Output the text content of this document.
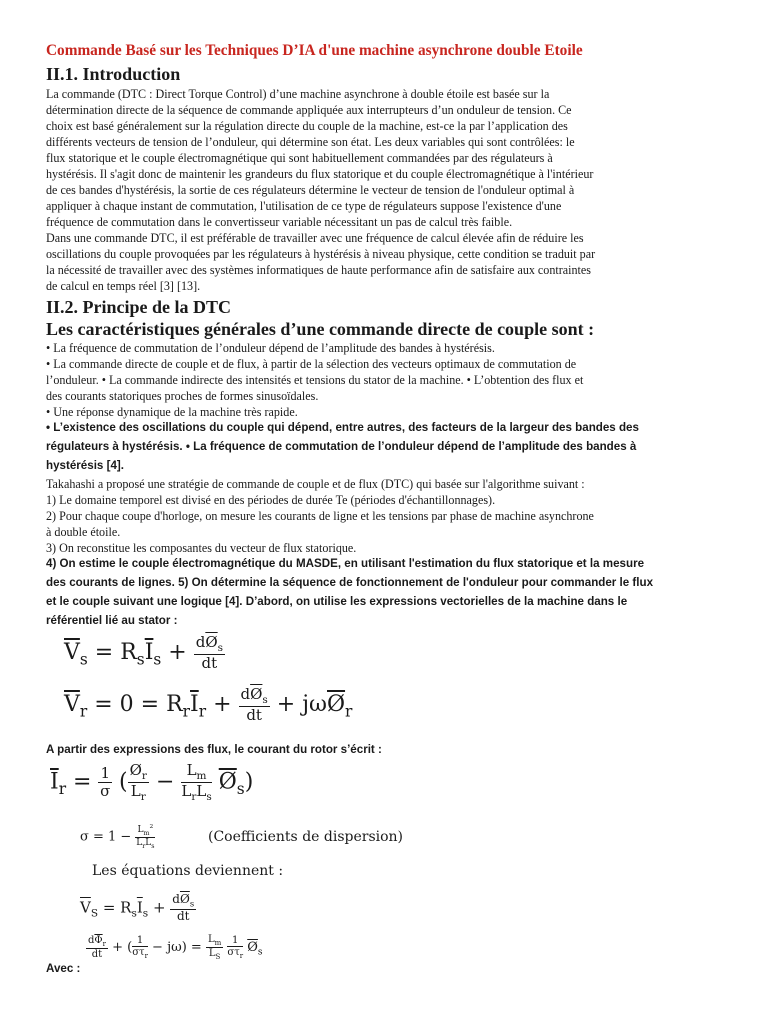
Commande Basé sur les Techniques D’IA d'une machine asynchrone double Etoile
II.1. Introduction
La commande (DTC : Direct Torque Control) d’une machine asynchrone à double étoile est basée sur la
détermination directe de la séquence de commande appliquée aux interrupteurs d’un onduleur de tension. Ce
choix est basé généralement sur la régulation directe du couple de la machine, est-ce la par l’application des
différents vecteurs de tension de l’onduleur, qui détermine son état. Les deux variables qui sont contrôlées: le
flux statorique et le couple électromagnétique qui sont habituellement commandées par des régulateurs à
hystérésis. Il s'agit donc de maintenir les grandeurs du flux statorique et du couple électromagnétique à l'intérieur
de ces bandes d'hystérésis, la sortie de ces régulateurs détermine le vecteur de tension de l'onduleur optimal à
appliquer à chaque instant de commutation, l'utilisation de ce type de régulateurs suppose l'existence d'une
fréquence de commutation dans le convertisseur variable nécessitant un pas de calcul très faible.
Dans une commande DTC, il est préférable de travailler avec une fréquence de calcul élevée afin de réduire les
oscillations du couple provoquées par les régulateurs à hystérésis à niveau physique, cette condition se traduit par
la nécessité de travailler avec des systèmes informatiques de haute performance afin de satisfaire aux contraintes
de calcul en temps réel [3] [13].
II.2. Principe de la DTC
Les caractéristiques générales d’une commande directe de couple sont :
• La fréquence de commutation de l’onduleur dépend de l’amplitude des bandes à hystérésis.
• La commande directe de couple et de flux, à partir de la sélection des vecteurs optimaux de commutation de
l’onduleur. • La commande indirecte des intensités et tensions du stator de la machine. • L’obtention des flux et
des courants statoriques proches de formes sinusoïdales.
• Une réponse dynamique de la machine très rapide.
• L’existence des oscillations du couple qui dépend, entre autres, des facteurs de la largeur des bandes des
régulateurs à hystérésis. • La fréquence de commutation de l’onduleur dépend de l’amplitude des bandes à
hystérésis [4].
Takahashi a proposé une stratégie de commande de couple et de flux (DTC) qui basée sur l'algorithme suivant :
1) Le domaine temporel est divisé en des périodes de durée Te (périodes d'échantillonnages).
2) Pour chaque coupe d'horloge, on mesure les courants de ligne et les tensions par phase de machine asynchrone
à double étoile.
3) On reconstitue les composantes du vecteur de flux statorique.
4) On estime le couple électromagnétique du MASDE, en utilisant l'estimation du flux statorique et la mesure
des courants de lignes. 5) On détermine la séquence de fonctionnement de l'onduleur pour commander le flux
et le couple suivant une logique [4]. D’abord, on utilise les expressions vectorielles de la machine dans le
référentiel lié au stator :
$\overline{V}_s = R_s\overline{I}_s + \frac{d\overline{Ø}_s}{dt}$
$\overline{V}_r = 0 = R_r\overline{I}_r + \frac{d\overline{Ø}_s}{dt} + j\omega\overline{Ø}_r$
A partir des expressions des flux, le courant du rotor s’écrit :
$\overline{I}_r = \frac{1}{\sigma}$ ( $\frac{Ø_r}{L_r} - \frac{L_m}{L_rL_s} \overline{Ø}_s$)
$\sigma = 1 - \frac{L_m^2}{L_rL_s}$	(Coefficients de dispersion)
Les équations deviennent :
$\overline{V}_S = R_s\overline{I}_s + \frac{d\overline{Ø}_s}{dt}$
$\frac{d\overline{\Phi}_r}{dt}$ + ( $\frac{1}{\sigma\tau_r} - j\omega) = \frac{L_m}{L_S}$
$\frac{1}{\sigma\tau_r} \overline{Ø}_s$
Avec :
